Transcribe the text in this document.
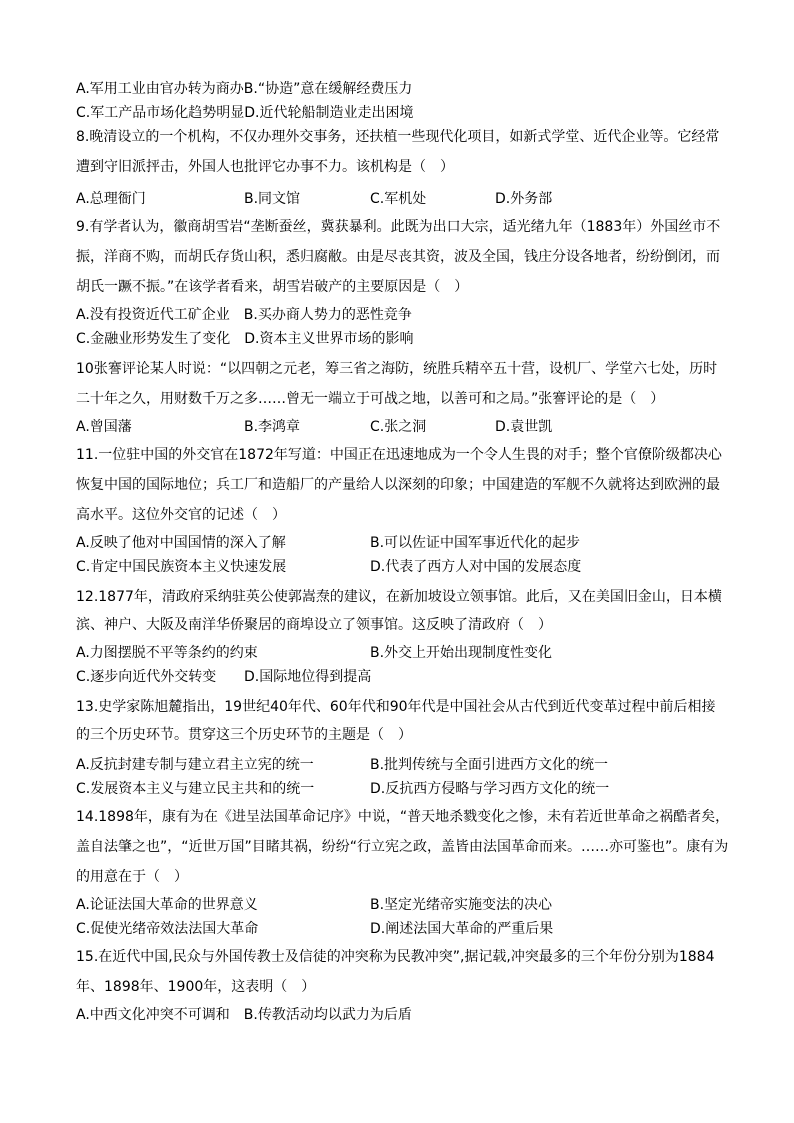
A.军用工业由官办转为商办B.“协造”意在缓解经费压力
C.军工产品市场化趋势明显D.近代轮船制造业走出困境
8.晚清设立的一个机构，不仅办理外交事务，还扶植一些现代化项目，如新式学堂、近代企业等。它经常
遭到守旧派抨击，外国人也批评它办事不力。该机构是（　）
A.总理衙门	B.同文馆	C.军机处	D.外务部
9.有学者认为，徽商胡雪岩“垄断蚕丝，冀获暴利。此既为出口大宗，适光绪九年（1883年）外国丝市不
振，洋商不购，而胡氏存货山积，悉归腐敝。由是尽丧其资，波及全国，钱庄分设各地者，纷纷倒闭，而
胡氏一蹶不振。”在该学者看来，胡雪岩破产的主要原因是（　）
A.没有投资近代工矿企业　B.买办商人势力的恶性竞争
C.金融业形势发生了变化　D.资本主义世界市场的影响
10张謇评论某人时说：“以四朝之元老，筹三省之海防，统胜兵精卒五十营，设机厂、学堂六七处，历时
二十年之久，用财数千万之多……曾无一端立于可战之地，以善可和之局。”张謇评论的是（　）
A.曾国藩	B.李鸿章	C.张之洞	D.袁世凯
11.一位驻中国的外交官在1872年写道：中国正在迅速地成为一个令人生畏的对手；整个官僚阶级都决心
恢复中国的国际地位；兵工厂和造船厂的产量给人以深刻的印象；中国建造的军舰不久就将达到欧洲的最
高水平。这位外交官的记述（　）
A.反映了他对中国国情的深入了解	B.可以佐证中国军事近代化的起步
C.肯定中国民族资本主义快速发展	D.代表了西方人对中国的发展态度
12.1877年，清政府采纳驻英公使郭嵩焘的建议，在新加坡设立领事馆。此后，又在美国旧金山，日本横
滨、神户、大阪及南洋华侨聚居的商埠设立了领事馆。这反映了清政府（　）
A.力图摆脱不平等条约的约束	B.外交上开始出现制度性变化
C.逐步向近代外交转变 D.国际地位得到提高
13.史学家陈旭麓指出，19世纪40年代、60年代和90年代是中国社会从古代到近代变革过程中前后相接
的三个历史环节。贯穿这三个历史环节的主题是（　）
A.反抗封建专制与建立君主立宪的统一	B.批判传统与全面引进西方文化的统一
C.发展资本主义与建立民主共和的统一	D.反抗西方侵略与学习西方文化的统一
14.1898年，康有为在《进呈法国革命记序》中说，“普天地杀戮变化之惨，未有若近世革命之祸酷者矣，
盖自法肇之也”，“近世万国”目睹其祸，纷纷“行立宪之政，盖皆由法国革命而来。……亦可鉴也”。康有为
的用意在于（　）
A.论证法国大革命的世界意义	B.坚定光绪帝实施变法的决心
C.促使光绪帝效法法国大革命	D.阐述法国大革命的严重后果
15.在近代中国,民众与外国传教士及信徒的冲突称为民教冲突”,据记载,冲突最多的三个年份分别为1884
年、1898年、1900年，这表明（　）
A.中西文化冲突不可调和　B.传教活动均以武力为后盾
